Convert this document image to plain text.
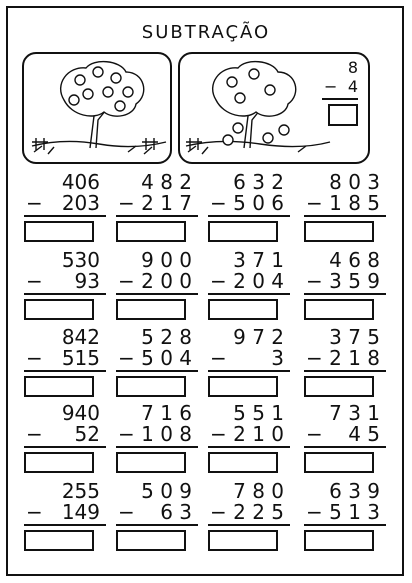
SUBTRAÇÃO
8
− 4
406
− 203
4 8 2
− 2 1 7
6 3 2
− 5 0 6
8 0 3
− 1 8 5
530
− 93
9 0 0
− 2 0 0
3 7 1
− 2 0 4
4 6 8
− 3 5 9
842
− 515
5 2 8
− 5 0 4
9 7 2
− 3
3 7 5
− 2 1 8
940
− 52
7 1 6
− 1 0 8
5 5 1
− 2 1 0
7 3 1
− 4 5
255
− 149
5 0 9
− 6 3
7 8 0
− 2 2 5
6 3 9
− 5 1 3
